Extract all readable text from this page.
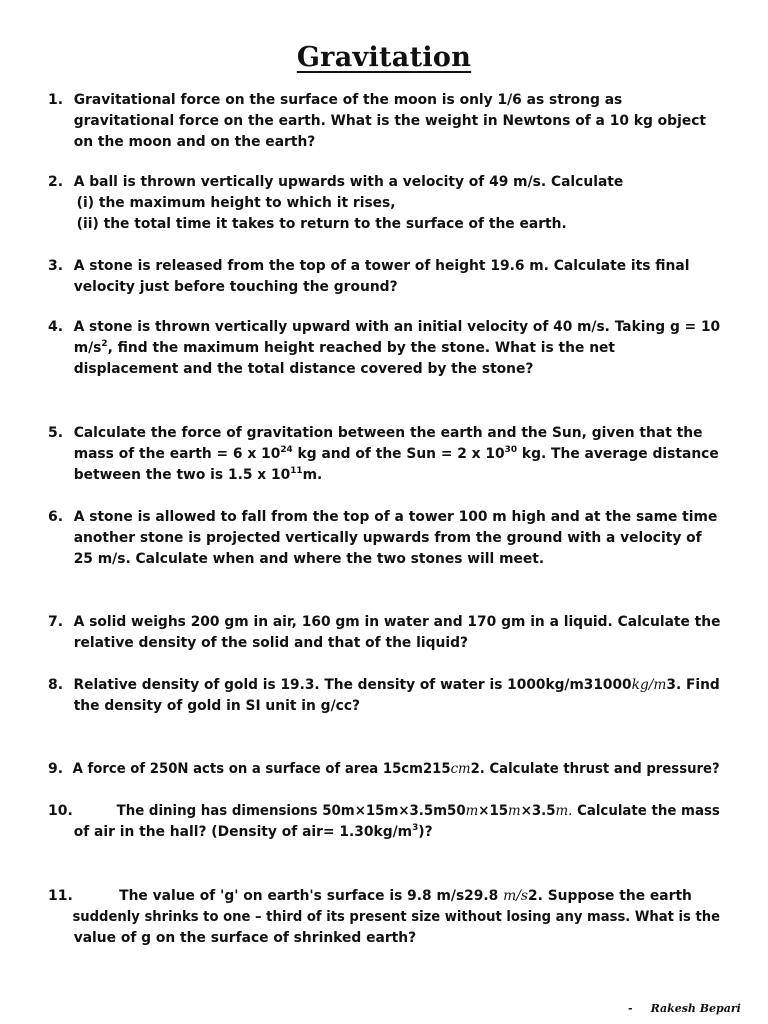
Gravitation
1. Gravitational force on the surface of the moon is only 1/6 as strong as
gravitational force on the earth. What is the weight in Newtons of a 10 kg object
on the moon and on the earth?
2. A ball is thrown vertically upwards with a velocity of 49 m/s. Calculate
(i) the maximum height to which it rises,
(ii) the total time it takes to return to the surface of the earth.
3. A stone is released from the top of a tower of height 19.6 m. Calculate its final
velocity just before touching the ground?
4. A stone is thrown vertically upward with an initial velocity of 40 m/s. Taking g = 10
$m/s^2$, find the maximum height reached by the stone. What is the net
displacement and the total distance covered by the stone?
5. Calculate the force of gravitation between the earth and the Sun, given that the
mass of the earth = 6 x $10^{24}$ kg and of the Sun = 2 x $10^{30}$ kg. The average distance
between the two is 1.5 x $10^{11}m$.
6. A stone is allowed to fall from the top of a tower 100 m high and at the same time
another stone is projected vertically upwards from the ground with a velocity of
25 m/s. Calculate when and where the two stones will meet.
7. A solid weighs 200 gm in air, 160 gm in water and 170 gm in a liquid. Calculate the
relative density of the solid and that of the liquid?
8. Relative density of gold is 19.3. The density of water is 1000kg/m31000kg/m3. Find
the density of gold in SI unit in g/cc?
9. A force of 250N acts on a surface of area 15cm215cm2. Calculate thrust and pressure?
10.	The dining has dimensions 50m×15m×3.5m50m×15m×3.5m. Calculate the mass
of air in the hall? (Density of $air= 1.30kg/m^3$)?
11.	The value of 'g' on earth's surface is 9.8 m/s29.8 m/s2. Suppose the earth
suddenly shrinks to one – third of its present size without losing any mass. What is the
value of g on the surface of shrinked earth?
- Rakesh Bepari
